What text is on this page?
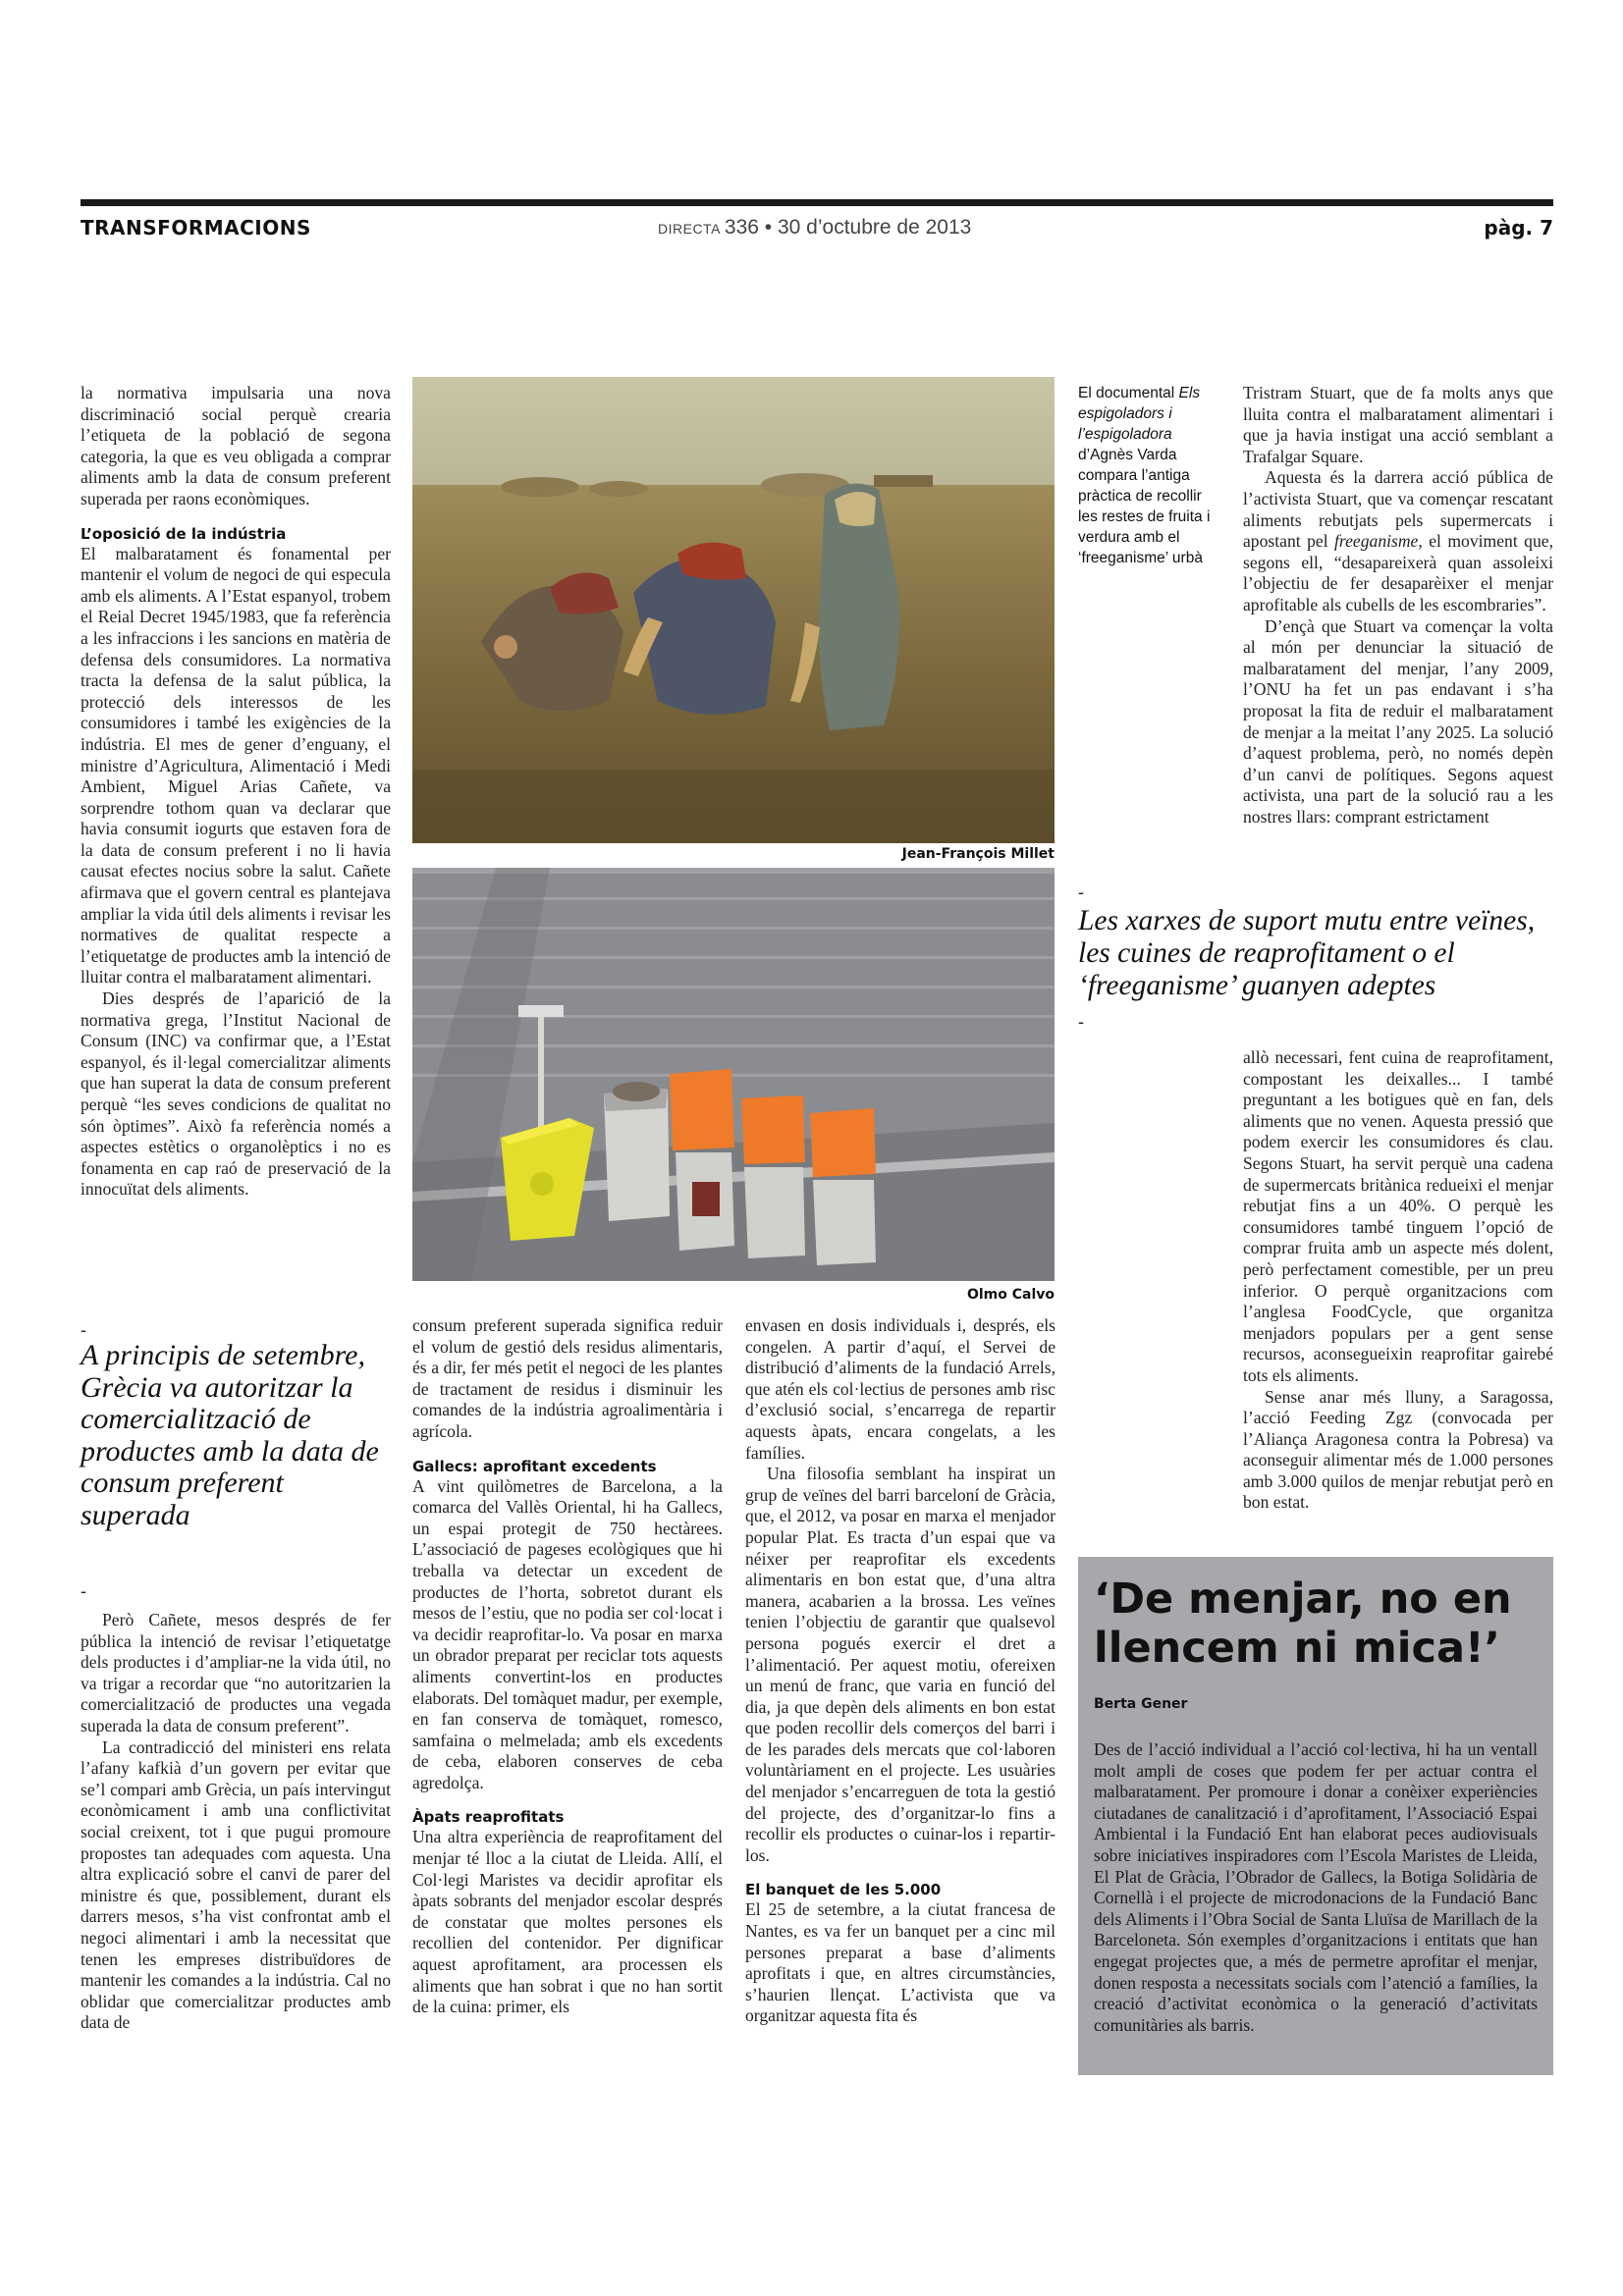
TRANSFORMACIONS	DIRECTA 336 • 30 d’octubre de 2013	pàg. 7

la normativa impulsaria una nova discriminació social perquè crearia l’etiqueta de la població de segona categoria, la que es veu obligada a comprar aliments amb la data de consum preferent superada per raons econòmiques.

L’oposició de la indústria

El malbaratament és fonamental per mantenir el volum de negoci de qui especula amb els aliments. A l’Estat espanyol, trobem el Reial Decret 1945/1983, que fa referència a les infraccions i les sancions en matèria de defensa dels consumidores. La normativa tracta la defensa de la salut pública, la protecció dels interessos de les consumidores i també les exigències de la indústria. El mes de gener d’enguany, el ministre d’Agricultura, Alimentació i Medi Ambient, Miguel Arias Cañete, va sorprendre tothom quan va declarar que havia consumit iogurts que estaven fora de la data de consum preferent i no li havia causat efectes nocius sobre la salut. Cañete afirmava que el govern central es plantejava ampliar la vida útil dels aliments i revisar les normatives de qualitat respecte a l’etiquetatge de productes amb la intenció de lluitar contra el malbaratament alimentari.

Dies després de l’aparició de la normativa grega, l’Institut Nacional de Consum (INC) va confirmar que, a l’Estat espanyol, és il·legal comercialitzar aliments que han superat la data de consum preferent perquè “les seves condicions de qualitat no són òptimes”. Això fa referència només a aspectes estètics o organolèptics i no es fonamenta en cap raó de preservació de la innocuïtat dels aliments.

-
A principis de setembre, Grècia va autoritzar la comercialització de productes amb la data de consum preferent superada
-

Però Cañete, mesos després de fer pública la intenció de revisar l’etiquetatge dels productes i d’ampliar-ne la vida útil, no va trigar a recordar que “no autoritzarien la comercialització de productes una vegada superada la data de consum preferent”.

La contradicció del ministeri ens relata l’afany kafkià d’un govern per evitar que se’l compari amb Grècia, un país intervingut econòmicament i amb una conflictivitat social creixent, tot i que pugui promoure propostes tan adequades com aquesta. Una altra explicació sobre el canvi de parer del ministre és que, possiblement, durant els darrers mesos, s’ha vist confrontat amb el negoci alimentari i amb la necessitat que tenen les empreses distribuïdores de mantenir les comandes a la indústria. Cal no oblidar que comercialitzar productes amb data de

Jean-François Millet
Olmo Calvo
El documental Els espigoladors i l’espigoladora d’Agnès Varda compara l’antiga pràctica de recollir les restes de fruita i verdura amb el ‘freeganisme’ urbà

consum preferent superada significa reduir el volum de gestió dels residus alimentaris, és a dir, fer més petit el negoci de les plantes de tractament de residus i disminuir les comandes de la indústria agroalimentària i agrícola.

Gallecs: aprofitant excedents

A vint quilòmetres de Barcelona, a la comarca del Vallès Oriental, hi ha Gallecs, un espai protegit de 750 hectàrees. L’associació de pageses ecològiques que hi treballa va detectar un excedent de productes de l’horta, sobretot durant els mesos de l’estiu, que no podia ser col·locat i va decidir reaprofitar-lo. Va posar en marxa un obrador preparat per reciclar tots aquests aliments convertint-los en productes elaborats. Del tomàquet madur, per exemple, en fan conserva de tomàquet, romesco, samfaina o melmelada; amb els excedents de ceba, elaboren conserves de ceba agredolça.

Àpats reaprofitats

Una altra experiència de reaprofitament del menjar té lloc a la ciutat de Lleida. Allí, el Col·legi Maristes va decidir aprofitar els àpats sobrants del menjador escolar després de constatar que moltes persones els recollien del contenidor. Per dignificar aquest aprofitament, ara processen els aliments que han sobrat i que no han sortit de la cuina: primer, els

envasen en dosis individuals i, després, els congelen. A partir d’aquí, el Servei de distribució d’aliments de la fundació Arrels, que atén els col·lectius de persones amb risc d’exclusió social, s’encarrega de repartir aquests àpats, encara congelats, a les famílies.

Una filosofia semblant ha inspirat un grup de veïnes del barri barceloní de Gràcia, que, el 2012, va posar en marxa el menjador popular Plat. Es tracta d’un espai que va néixer per reaprofitar els excedents alimentaris en bon estat que, d’una altra manera, acabarien a la brossa. Les veïnes tenien l’objectiu de garantir que qualsevol persona pogués exercir el dret a l’alimentació. Per aquest motiu, ofereixen un menú de franc, que varia en funció del dia, ja que depèn dels aliments en bon estat que poden recollir dels comerços del barri i de les parades dels mercats que col·laboren voluntàriament en el projecte. Les usuàries del menjador s’encarreguen de tota la gestió del projecte, des d’organitzar-lo fins a recollir els productes o cuinar-los i repartir-los.

El banquet de les 5.000

El 25 de setembre, a la ciutat francesa de Nantes, es va fer un banquet per a cinc mil persones preparat a base d’aliments aprofitats i que, en altres circumstàncies, s’haurien llençat. L’activista que va organitzar aquesta fita és

Tristram Stuart, que de fa molts anys que lluita contra el malbaratament alimentari i que ja havia instigat una acció semblant a Trafalgar Square.

Aquesta és la darrera acció pública de l’activista Stuart, que va començar rescatant aliments rebutjats pels supermercats i apostant pel freeganisme, el moviment que, segons ell, “desapareixerà quan assoleixi l’objectiu de fer desaparèixer el menjar aprofitable als cubells de les escombraries”.

D’ençà que Stuart va començar la volta al món per denunciar la situació de malbaratament del menjar, l’any 2009, l’ONU ha fet un pas endavant i s’ha proposat la fita de reduir el malbaratament de menjar a la meitat l’any 2025. La solució d’aquest problema, però, no només depèn d’un canvi de polítiques. Segons aquest activista, una part de la solució rau a les nostres llars: comprant estrictament

-
Les xarxes de suport mutu entre veïnes, les cuines de reaprofitament o el ‘freeganisme’ guanyen adeptes
-

allò necessari, fent cuina de reaprofitament, compostant les deixalles... I també preguntant a les botigues què en fan, dels aliments que no venen. Aquesta pressió que podem exercir les consumidores és clau. Segons Stuart, ha servit perquè una cadena de supermercats britànica redueixi el menjar rebutjat fins a un 40%. O perquè les consumidores també tinguem l’opció de comprar fruita amb un aspecte més dolent, però perfectament comestible, per un preu inferior. O perquè organitzacions com l’anglesa FoodCycle, que organitza menjadors populars per a gent sense recursos, aconsegueixin reaprofitar gairebé tots els aliments.

Sense anar més lluny, a Saragossa, l’acció Feeding Zgz (convocada per l’Aliança Aragonesa contra la Pobresa) va aconseguir alimentar més de 1.000 persones amb 3.000 quilos de menjar rebutjat però en bon estat.

‘De menjar, no en llencem ni mica!’
Berta Gener
Des de l’acció individual a l’acció col·lectiva, hi ha un ventall molt ampli de coses que podem fer per actuar contra el malbaratament. Per promoure i donar a conèixer experiències ciutadanes de canalització i d’aprofitament, l’Associació Espai Ambiental i la Fundació Ent han elaborat peces audiovisuals sobre iniciatives inspiradores com l’Escola Maristes de Lleida, El Plat de Gràcia, l’Obrador de Gallecs, la Botiga Solidària de Cornellà i el projecte de microdonacions de la Fundació Banc dels Aliments i l’Obra Social de Santa Lluïsa de Marillach de la Barceloneta. Són exemples d’organitzacions i entitats que han engegat projectes que, a més de permetre aprofitar el menjar, donen resposta a necessitats socials com l’atenció a famílies, la creació d’activitat econòmica o la generació d’activitats comunitàries als barris.
